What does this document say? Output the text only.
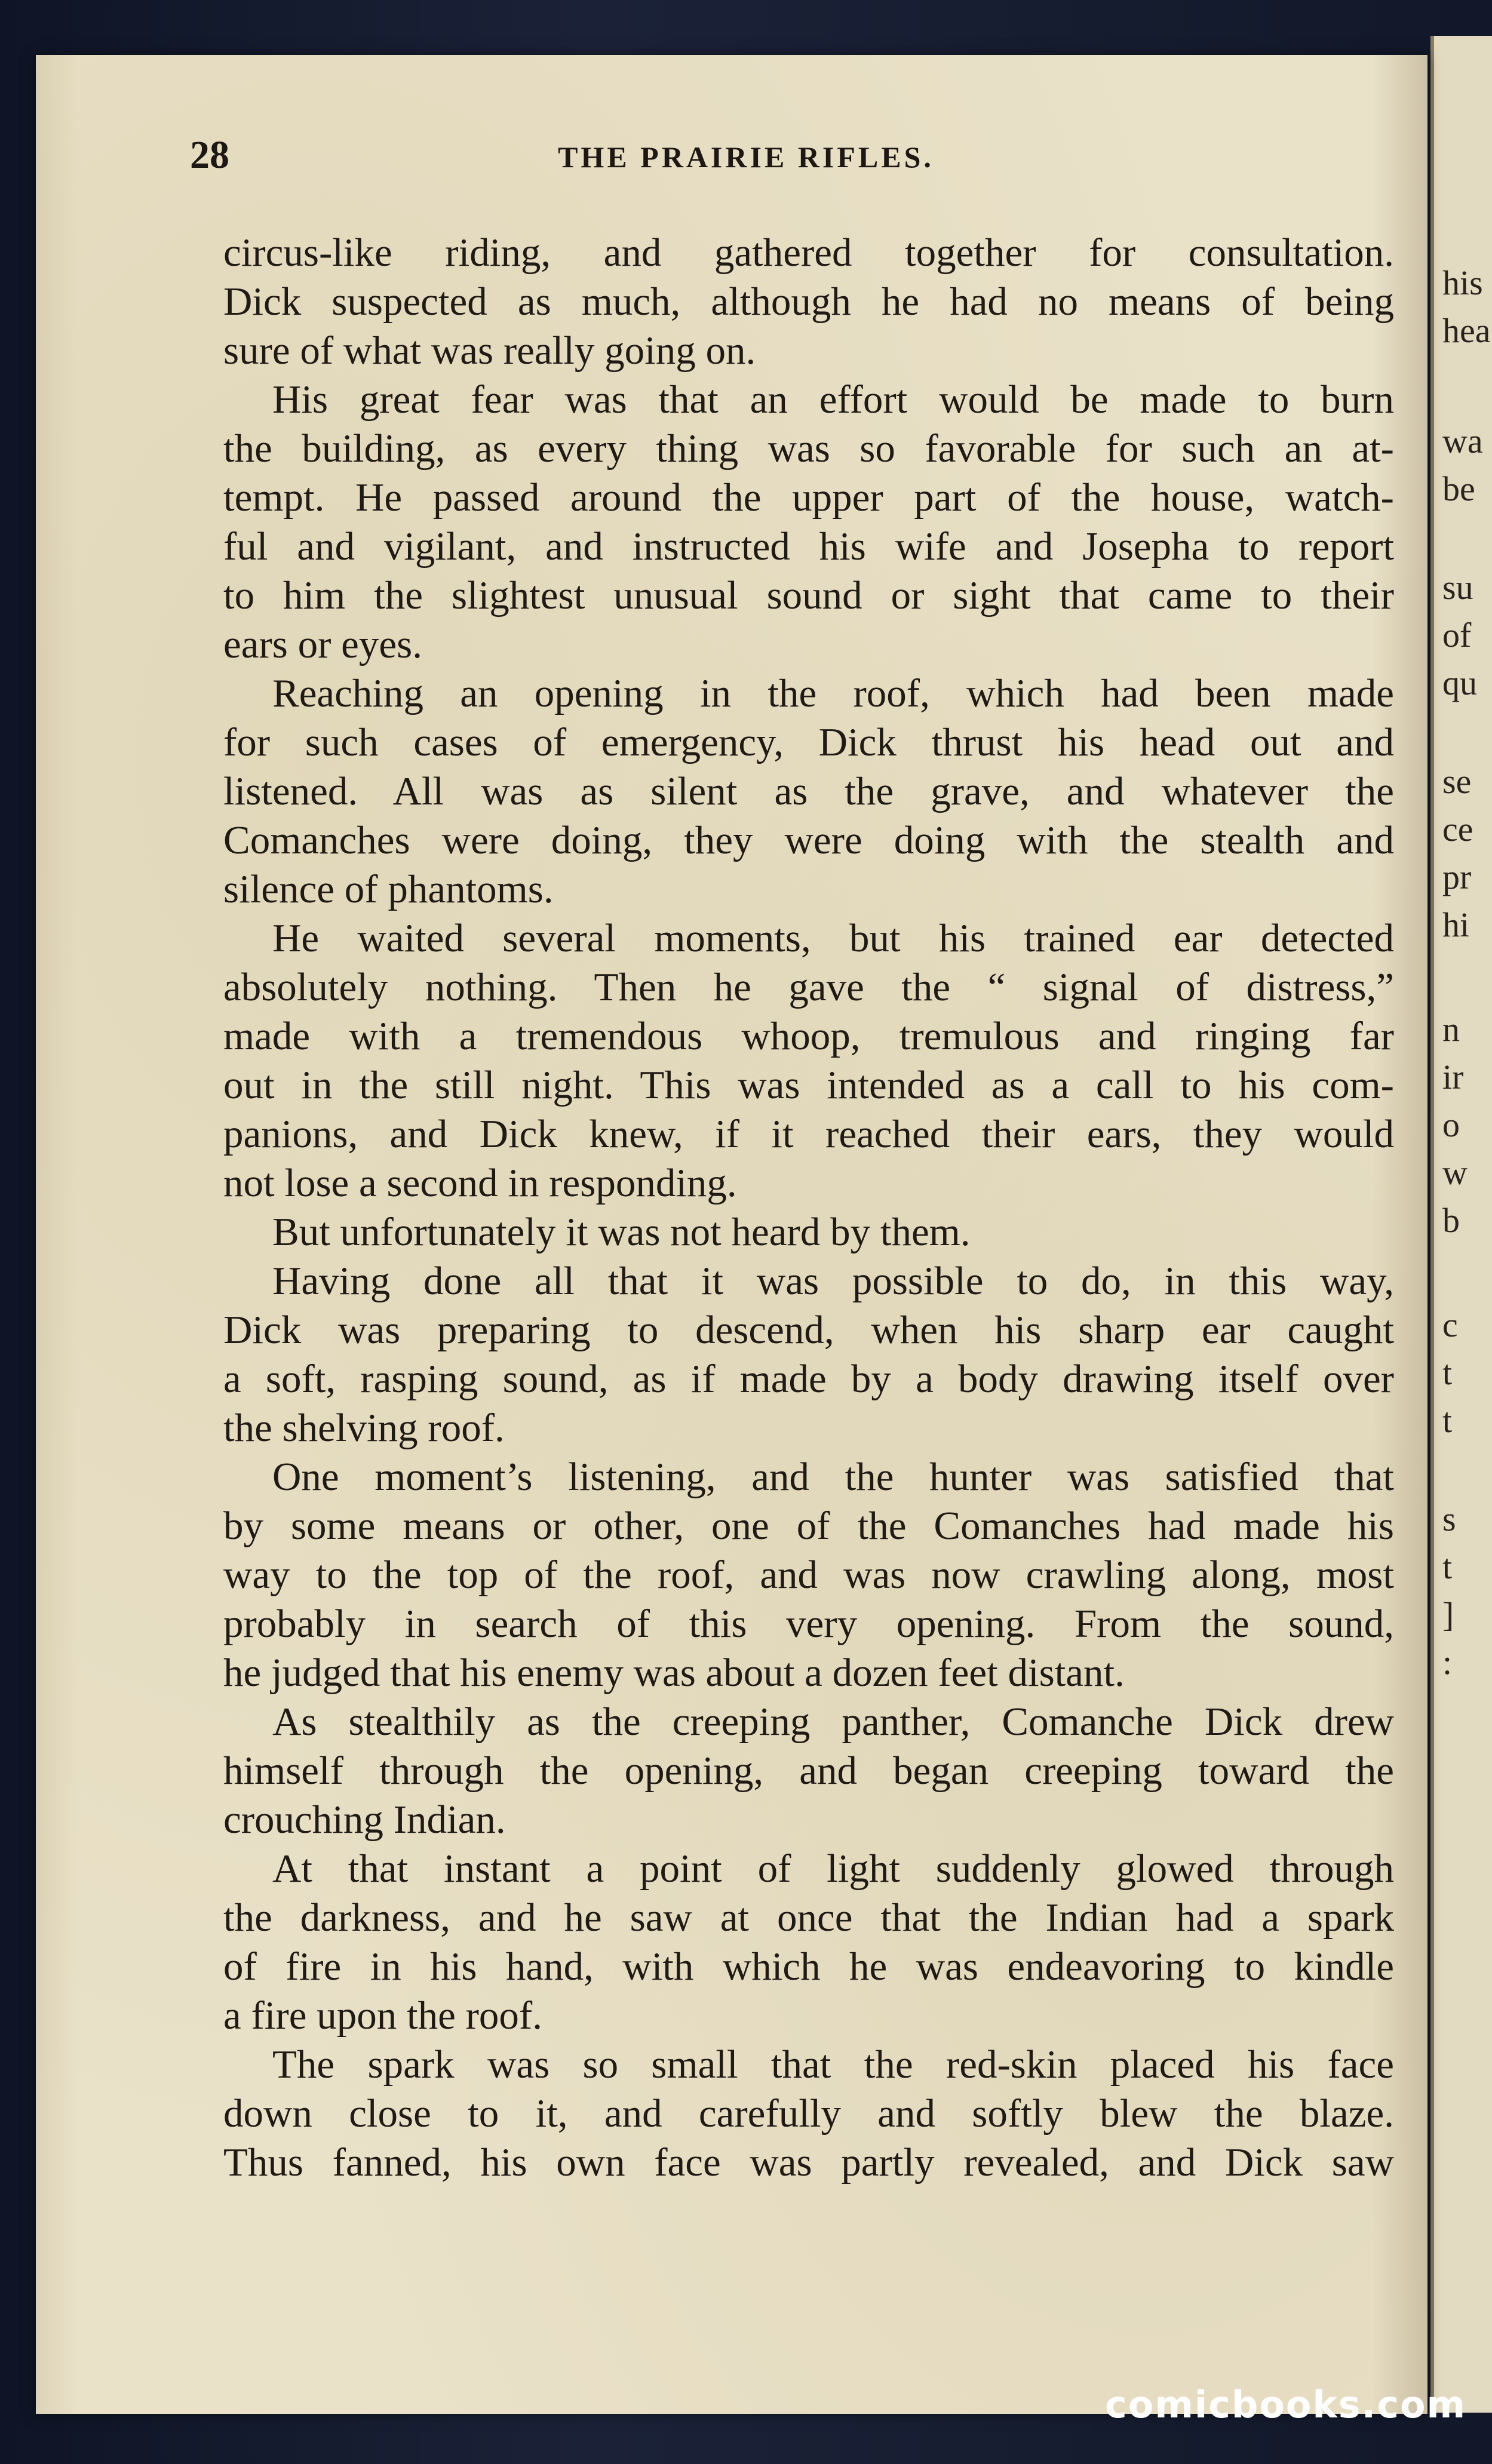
his
hea
wa
be
su
of
qu
se
ce
pr
hi
n
ir
o
w
b
c
t
t
s
t
]
:
28	THE PRAIRIE RIFLES.
circus-like riding, and gathered together for consultation.
Dick suspected as much, although he had no means of being
sure of what was really going on.
His great fear was that an effort would be made to burn
the building, as every thing was so favorable for such an at-
tempt. He passed around the upper part of the house, watch-
ful and vigilant, and instructed his wife and Josepha to report
to him the slightest unusual sound or sight that came to their
ears or eyes.
Reaching an opening in the roof, which had been made
for such cases of emergency, Dick thrust his head out and
listened. All was as silent as the grave, and whatever the
Comanches were doing, they were doing with the stealth and
silence of phantoms.
He waited several moments, but his trained ear detected
absolutely nothing. Then he gave the “ signal of distress,”
made with a tremendous whoop, tremulous and ringing far
out in the still night. This was intended as a call to his com-
panions, and Dick knew, if it reached their ears, they would
not lose a second in responding.
But unfortunately it was not heard by them.
Having done all that it was possible to do, in this way,
Dick was preparing to descend, when his sharp ear caught
a soft, rasping sound, as if made by a body drawing itself over
the shelving roof.
One moment’s listening, and the hunter was satisfied that
by some means or other, one of the Comanches had made his
way to the top of the roof, and was now crawling along, most
probably in search of this very opening. From the sound,
he judged that his enemy was about a dozen feet distant.
As stealthily as the creeping panther, Comanche Dick drew
himself through the opening, and began creeping toward the
crouching Indian.
At that instant a point of light suddenly glowed through
the darkness, and he saw at once that the Indian had a spark
of fire in his hand, with which he was endeavoring to kindle
a fire upon the roof.
The spark was so small that the red-skin placed his face
down close to it, and carefully and softly blew the blaze.
Thus fanned, his own face was partly revealed, and Dick saw
comicbooks.com
